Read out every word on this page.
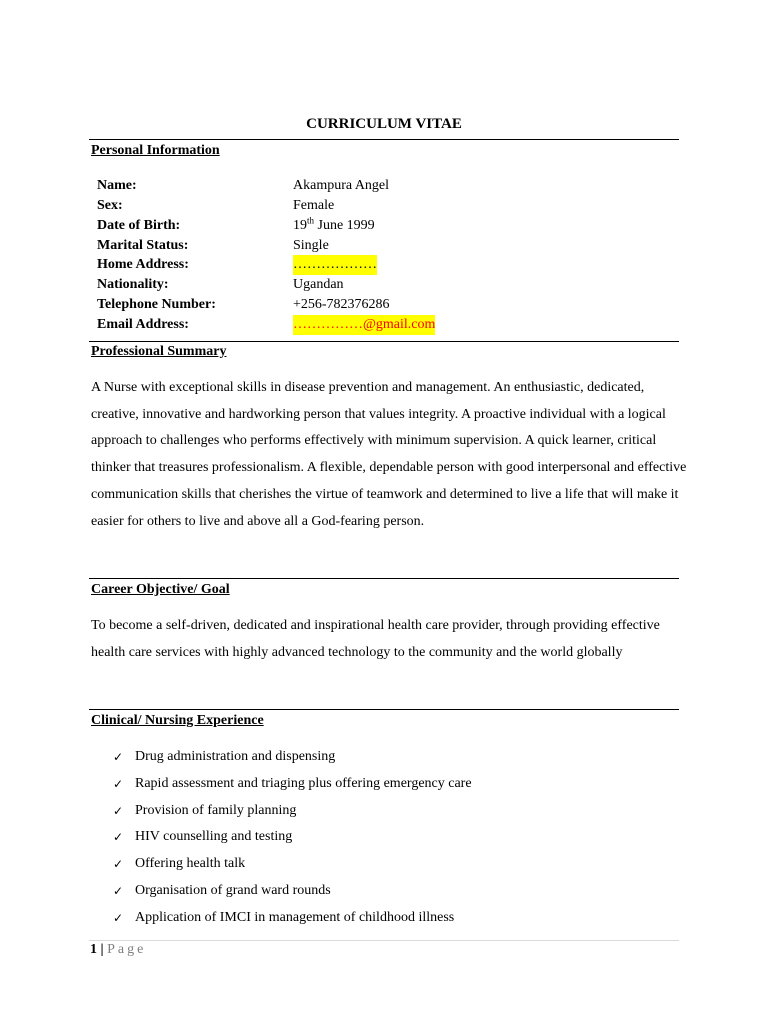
CURRICULUM VITAE
Personal Information
Name:	Akampura Angel
Sex:	Female
Date of Birth:	19th June 1999
Marital Status:	Single
Home Address:	………………
Nationality:	Ugandan
Telephone Number:	+256-782376286
Email Address:	……………@gmail.com
Professional Summary
A Nurse with exceptional skills in disease prevention and management. An enthusiastic, dedicated, creative, innovative and hardworking person that values integrity. A proactive individual with a logical approach to challenges who performs effectively with minimum supervision. A quick learner, critical thinker that treasures professionalism. A flexible, dependable person with good interpersonal and effective communication skills that cherishes the virtue of teamwork and determined to live a life that will make it easier for others to live and above all a God-fearing person.
Career Objective/ Goal
To become a self-driven, dedicated and inspirational health care provider, through providing effective health care services with highly advanced technology to the community and the world globally
Clinical/ Nursing Experience
✓ Drug administration and dispensing
✓ Rapid assessment and triaging plus offering emergency care
✓ Provision of family planning
✓ HIV counselling and testing
✓ Offering health talk
✓ Organisation of grand ward rounds
✓ Application of IMCI in management of childhood illness
1 | Page
